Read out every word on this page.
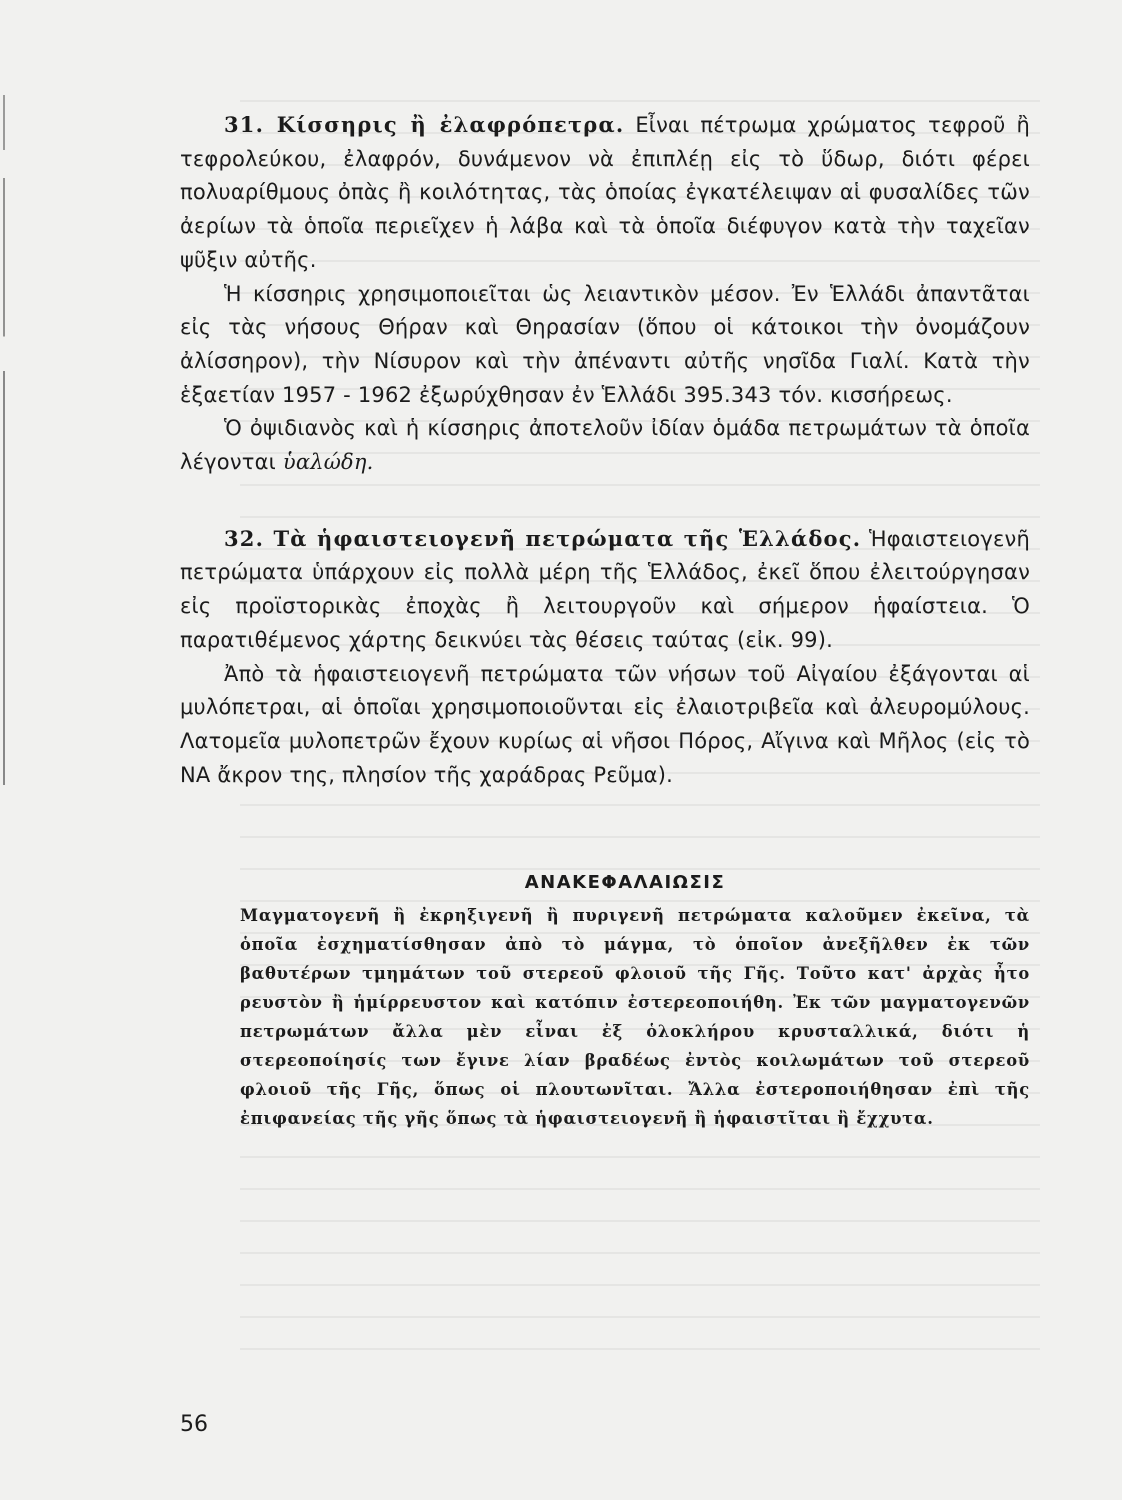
31. Κίσσηρις ἢ ἐλαφρόπετρα. Εἶναι πέτρωμα χρώματος τεφροῦ ἢ τεφρολεύκου, ἐλαφρόν, δυνάμενον νὰ ἐπιπλέῃ εἰς τὸ ὕδωρ, διότι φέρει πολυαρίθμους ὀπὰς ἢ κοιλότητας, τὰς ὁποίας ἐγκατέλειψαν αἱ φυσαλίδες τῶν ἀερίων τὰ ὁποῖα περιεῖχεν ἡ λάβα καὶ τὰ ὁποῖα διέφυγον κατὰ τὴν ταχεῖαν ψῦξιν αὐτῆς.

Ἡ κίσσηρις χρησιμοποιεῖται ὡς λειαντικὸν μέσον. Ἐν Ἑλλάδι ἀπαντᾶται εἰς τὰς νήσους Θήραν καὶ Θηρασίαν (ὅπου οἱ κάτοικοι τὴν ὀνομάζουν ἀλίσσηρον), τὴν Νίσυρον καὶ τὴν ἀπέναντι αὐτῆς νησῖδα Γιαλί. Κατὰ τὴν ἑξαετίαν 1957 - 1962 ἐξωρύχθησαν ἐν Ἑλλάδι 395.343 τόν. κισσήρεως.

Ὁ ὀψιδιανὸς καὶ ἡ κίσσηρις ἀποτελοῦν ἰδίαν ὁμάδα πετρωμάτων τὰ ὁποῖα λέγονται ὑαλώδη.

32. Τὰ ἡφαιστειογενῆ πετρώματα τῆς Ἑλλάδος. Ἡφαιστειογενῆ πετρώματα ὑπάρχουν εἰς πολλὰ μέρη τῆς Ἑλλάδος, ἐκεῖ ὅπου ἐλειτούργησαν εἰς προϊστορικὰς ἐποχὰς ἢ λειτουργοῦν καὶ σήμερον ἡφαίστεια. Ὁ παρατιθέμενος χάρτης δεικνύει τὰς θέσεις ταύτας (εἰκ. 99).

Ἀπὸ τὰ ἡφαιστειογενῆ πετρώματα τῶν νήσων τοῦ Αἰγαίου ἐξάγονται αἱ μυλόπετραι, αἱ ὁποῖαι χρησιμοποιοῦνται εἰς ἐλαιοτριβεῖα καὶ ἀλευρομύλους. Λατομεῖα μυλοπετρῶν ἔχουν κυρίως αἱ νῆσοι Πόρος, Αἴγινα καὶ Μῆλος (εἰς τὸ ΝΑ ἄκρον της, πλησίον τῆς χαράδρας Ρεῦμα).

ΑΝΑΚΕΦΑΛΑΙΩΣΙΣ

Μαγματογενῆ ἢ ἐκρηξιγενῆ ἢ πυριγενῆ πετρώματα καλοῦμεν ἐκεῖνα, τὰ ὁποῖα ἐσχηματίσθησαν ἀπὸ τὸ μάγμα, τὸ ὁποῖον ἀνεξῆλθεν ἐκ τῶν βαθυτέρων τμημάτων τοῦ στερεοῦ φλοιοῦ τῆς Γῆς. Τοῦτο κατ' ἀρχὰς ἦτο ρευστὸν ἢ ἡμίρρευστον καὶ κατόπιν ἐστερεοποιήθη. Ἐκ τῶν μαγματογενῶν πετρωμάτων ἄλλα μὲν εἶναι ἐξ ὁλοκλήρου κρυσταλλικά, διότι ἡ στερεοποίησίς των ἔγινε λίαν βραδέως ἐντὸς κοιλωμάτων τοῦ στερεοῦ φλοιοῦ τῆς Γῆς, ὅπως οἱ πλουτωνῖται. Ἄλλα ἐστεροποιήθησαν ἐπὶ τῆς ἐπιφανείας τῆς γῆς ὅπως τὰ ἡφαιστειογενῆ ἢ ἡφαιστῖται ἢ ἔχχυτα.

56
